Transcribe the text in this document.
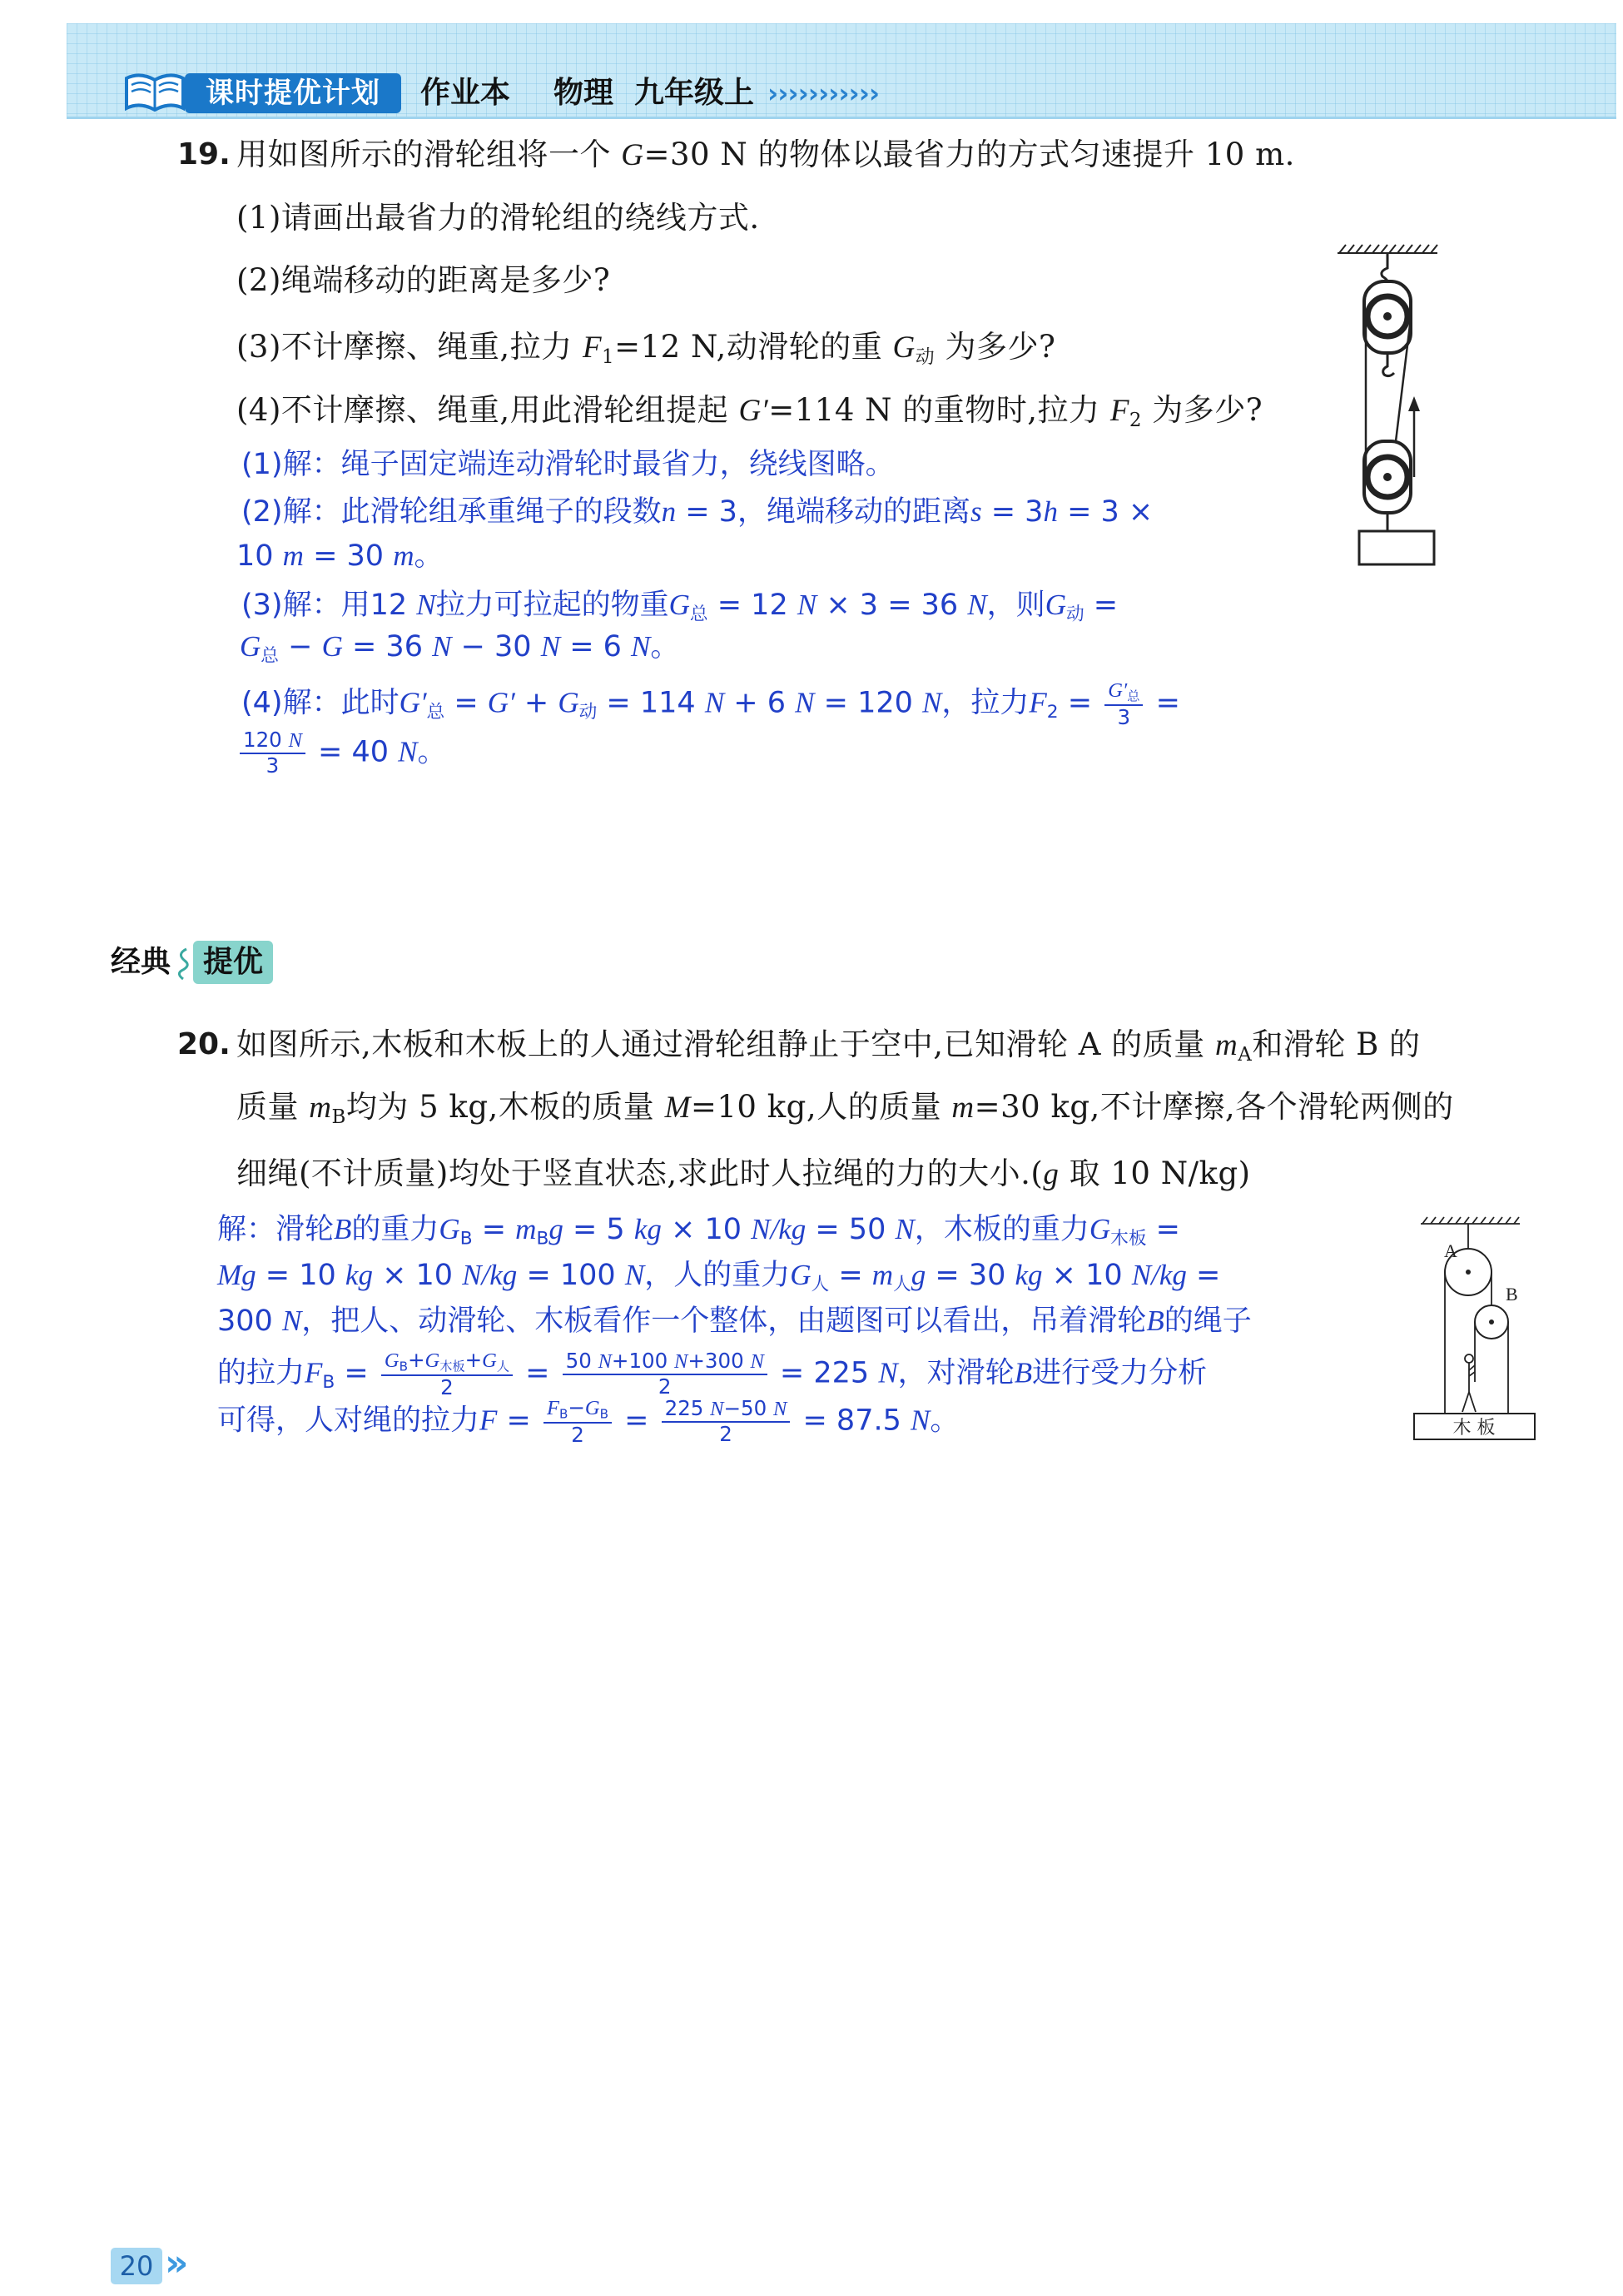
课时提优计划	作业本 物理 九年级上 ›››››››››››
19. 用如图所示的滑轮组将一个 G=30 N 的物体以最省力的方式匀速提升 10 m.
(1)请画出最省力的滑轮组的绕线方式.
(2)绳端移动的距离是多少?
(3)不计摩擦、绳重,拉力 F1=12 N,动滑轮的重 G动 为多少?
(4)不计摩擦、绳重,用此滑轮组提起 G′=114 N 的重物时,拉力 F2 为多少?
(1)解：绳子固定端连动滑轮时最省力，绕线图略。
(2)解：此滑轮组承重绳子的段数n = 3，绳端移动的距离s = 3h = 3 ×
10 m = 30 m。
(3)解：用12 N拉力可拉起的物重G总 = 12 N × 3 = 36 N，则G动 =
G总 − G = 36 N − 30 N = 6 N。
(4)解：此时G′总 = G′ + G动 = 114 N + 6 N = 120 N，拉力$F2 = \frac{\text{G′总}}{3}$ =
$\frac{120 N}{3} = 40$ N。
经典	提优
20. 如图所示,木板和木板上的人通过滑轮组静止于空中,已知滑轮 A 的质量 mA和滑轮 B 的
质量 mB均为 5 kg,木板的质量 M=10 kg,人的质量 m=30 kg,不计摩擦,各个滑轮两侧的
细绳(不计质量)均处于竖直状态,求此时人拉绳的力的大小.(g 取 10 N/kg)
解：滑轮B的重力GB = mBg = 5 kg × 10 N/kg = 50 N，木板的重力G木板 =
Mg = 10 kg × 10 N/kg = 100 N，人的重力G人 = m人g = 30 kg × 10 N/kg =
300 N，把人、动滑轮、木板看作一个整体，由题图可以看出，吊着滑轮B的绳子
的拉力FB = $\frac{\text{GB+G木板+G人}}{2} = \frac{50 N+100 N+300 N}{2} = 225$ N，对滑轮B进行受力分析
可得，人对绳的拉力$F = \frac{FB-GB}{2} = \frac{225 N-50 N}{2} = 87.5$ N。
A
B
木 板
20 »
